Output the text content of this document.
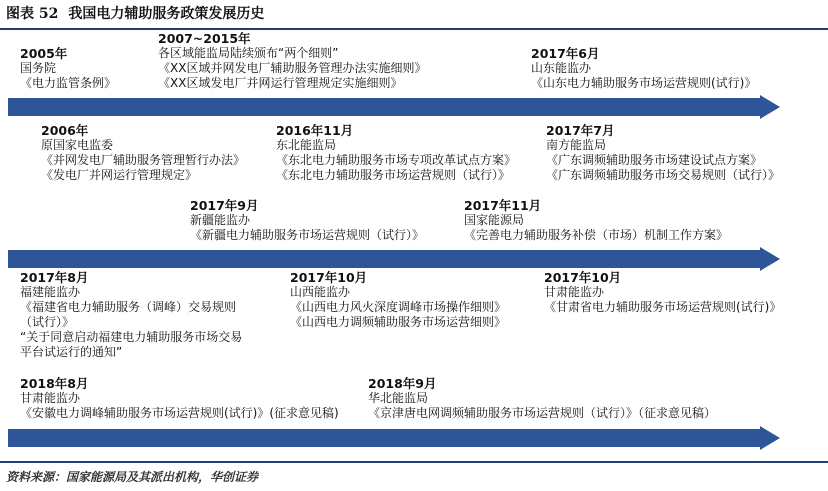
图表 52 我国电力辅助服务政策发展历史
2005年
国务院
《电力监管条例》
2007~2015年
各区域能监局陆续颁布“两个细则”
《XX区域并网发电厂辅助服务管理办法实施细则》
《XX区域发电厂并网运行管理规定实施细则》
2017年6月
山东能监办
《山东电力辅助服务市场运营规则(试行)》
2006年
原国家电监委
《并网发电厂辅助服务管理暂行办法》
《发电厂并网运行管理规定》
2016年11月
东北能监局
《东北电力辅助服务市场专项改革试点方案》
《东北电力辅助服务市场运营规则（试行）》
2017年7月
南方能监局
《广东调频辅助服务市场建设试点方案》
《广东调频辅助服务市场交易规则（试行）》
2017年9月
新疆能监办
《新疆电力辅助服务市场运营规则（试行）》
2017年11月
国家能源局
《完善电力辅助服务补偿（市场）机制工作方案》
2017年8月
福建能监办
《福建省电力辅助服务（调峰）交易规则
（试行）》
“关于同意启动福建电力辅助服务市场交易
平台试运行的通知”
2017年10月
山西能监办
《山西电力风火深度调峰市场操作细则》
《山西电力调频辅助服务市场运营细则》
2017年10月
甘肃能监办
《甘肃省电力辅助服务市场运营规则(试行)》
2018年8月
甘肃能监办
《安徽电力调峰辅助服务市场运营规则(试行)》(征求意见稿)
2018年9月
华北能监局
《京津唐电网调频辅助服务市场运营规则（试行）》（征求意见稿）
资料来源：国家能源局及其派出机构，华创证券
